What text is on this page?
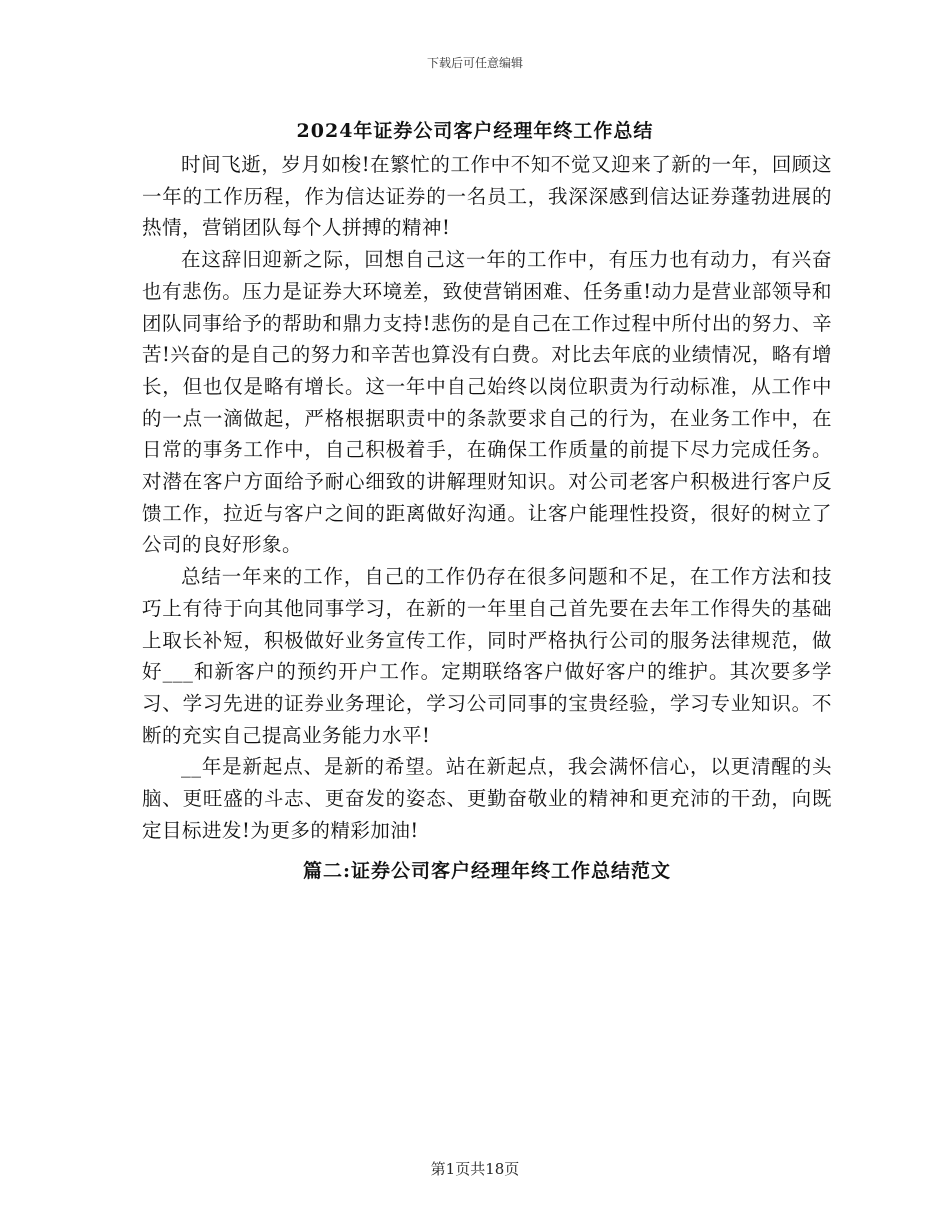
下载后可任意编辑
2024年证券公司客户经理年终工作总结

时间飞逝，岁月如梭!在繁忙的工作中不知不觉又迎来了新的一年，回顾这一年的工作历程，作为信达证券的一名员工，我深深感到信达证券蓬勃进展的热情，营销团队每个人拼搏的精神!

在这辞旧迎新之际，回想自己这一年的工作中，有压力也有动力，有兴奋也有悲伤。压力是证券大环境差，致使营销困难、任务重!动力是营业部领导和团队同事给予的帮助和鼎力支持!悲伤的是自己在工作过程中所付出的努力、辛苦!兴奋的是自己的努力和辛苦也算没有白费。对比去年底的业绩情况，略有增长，但也仅是略有增长。这一年中自己始终以岗位职责为行动标准，从工作中的一点一滴做起，严格根据职责中的条款要求自己的行为，在业务工作中，在日常的事务工作中，自己积极着手，在确保工作质量的前提下尽力完成任务。对潜在客户方面给予耐心细致的讲解理财知识。对公司老客户积极进行客户反馈工作，拉近与客户之间的距离做好沟通。让客户能理性投资，很好的树立了公司的良好形象。

总结一年来的工作，自己的工作仍存在很多问题和不足，在工作方法和技巧上有待于向其他同事学习，在新的一年里自己首先要在去年工作得失的基础上取长补短，积极做好业务宣传工作，同时严格执行公司的服务法律规范，做好___和新客户的预约开户工作。定期联络客户做好客户的维护。其次要多学习、学习先进的证券业务理论，学习公司同事的宝贵经验，学习专业知识。不断的充实自己提高业务能力水平!

__年是新起点、是新的希望。站在新起点，我会满怀信心，以更清醒的头脑、更旺盛的斗志、更奋发的姿态、更勤奋敬业的精神和更充沛的干劲，向既定目标进发!为更多的精彩加油!

篇二:证券公司客户经理年终工作总结范文

第1页共18页
